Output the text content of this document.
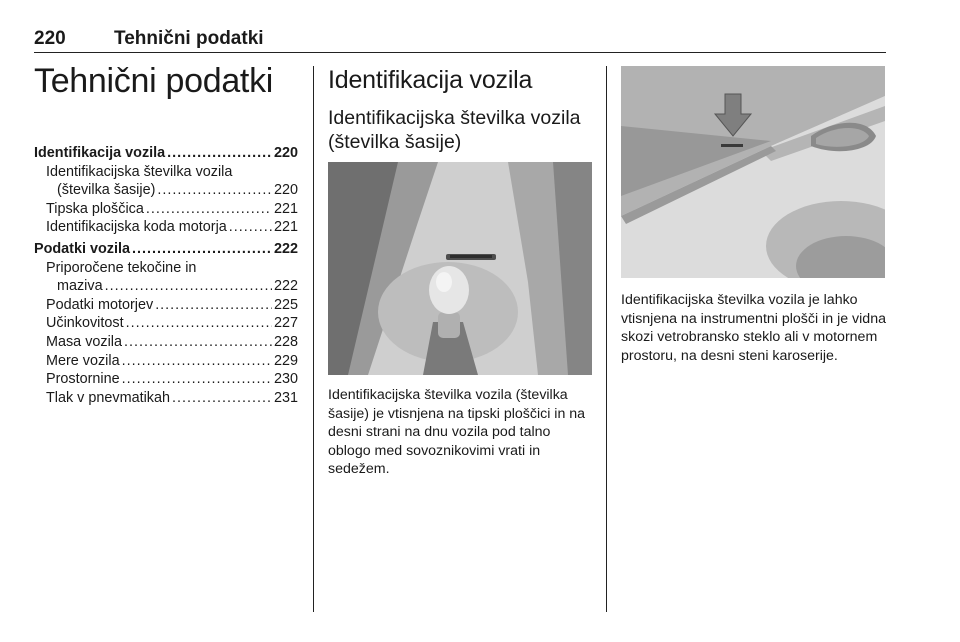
220	Tehnični podatki
Tehnični podatki
Identifikacija vozila .....	220
Identifikacijska številka vozila
(številka šasije) .....	220
Tipska ploščica .....	221
Identifikacijska koda motorja .....	221
Podatki vozila .....	222
Priporočene tekočine in
maziva .....	222
Podatki motorjev .....	225
Učinkovitost .....	227
Masa vozila .....	228
Mere vozila .....	229
Prostornine .....	230
Tlak v pnevmatikah .....	231
Identifikacija vozila
Identifikacijska številka vozila (številka šasije)

Identifikacijska številka vozila (številka šasije) je vtisnjena na tipski ploščici in na desni strani na dnu vozila pod talno oblogo med sovoznikovimi vrati in sedežem.

Identifikacijska številka vozila je lahko vtisnjena na instrumentni plošči in je vidna skozi vetrobransko steklo ali v motornem prostoru, na desni steni karoserije.
